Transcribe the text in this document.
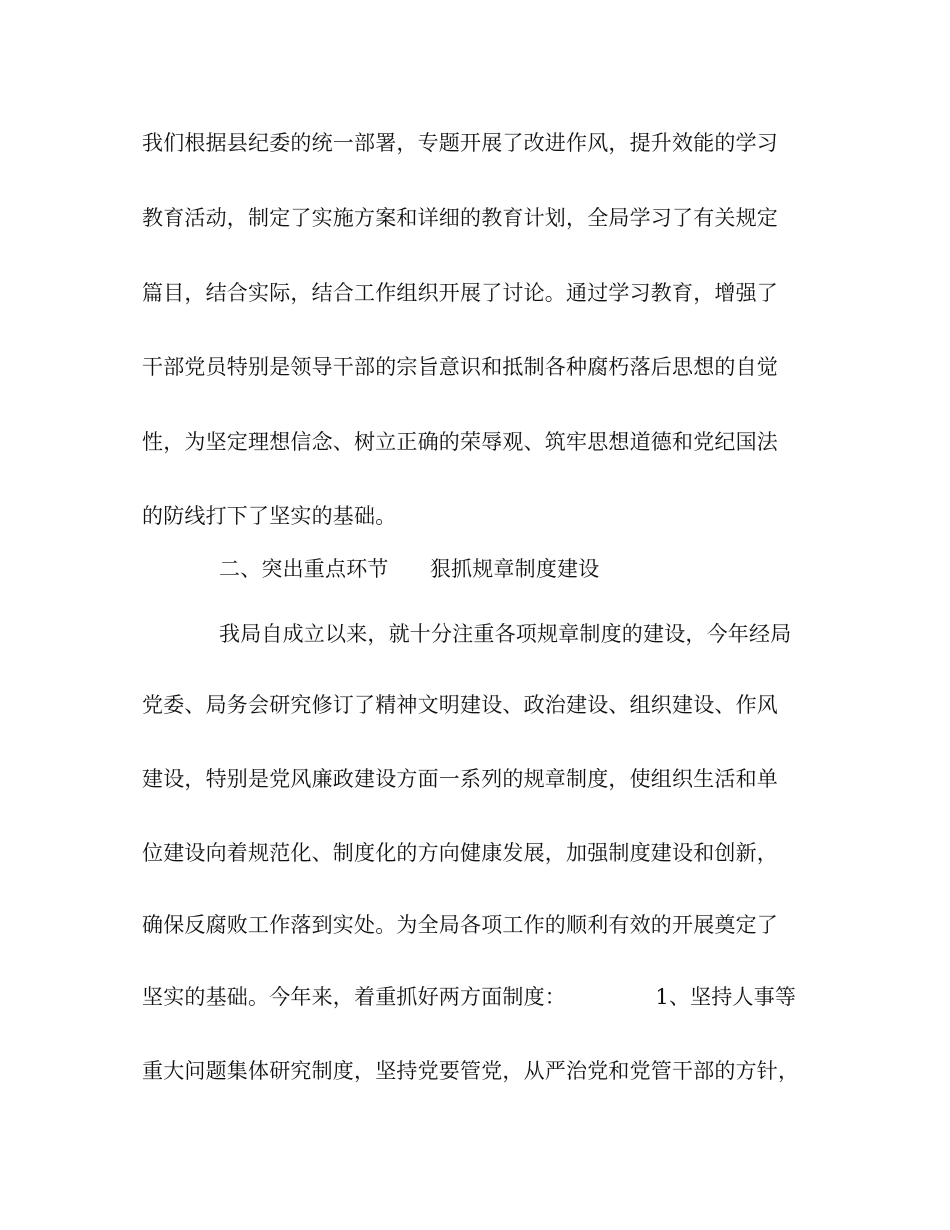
我们根据县纪委的统一部署，专题开展了改进作风，提升效能的学习
教育活动，制定了实施方案和详细的教育计划，全局学习了有关规定
篇目，结合实际，结合工作组织开展了讨论。通过学习教育，增强了
干部党员特别是领导干部的宗旨意识和抵制各种腐朽落后思想的自觉
性，为坚定理想信念、树立正确的荣辱观、筑牢思想道德和党纪国法
的防线打下了坚实的基础。
二、突出重点环节      狠抓规章制度建设
我局自成立以来，就十分注重各项规章制度的建设，今年经局
党委、局务会研究修订了精神文明建设、政治建设、组织建设、作风
建设，特别是党风廉政建设方面一系列的规章制度，使组织生活和单
位建设向着规范化、制度化的方向健康发展，加强制度建设和创新，
确保反腐败工作落到实处。为全局各项工作的顺利有效的开展奠定了
坚实的基础。今年来，着重抓好两方面制度：             1、坚持人事等
重大问题集体研究制度，坚持党要管党，从严治党和党管干部的方针，
